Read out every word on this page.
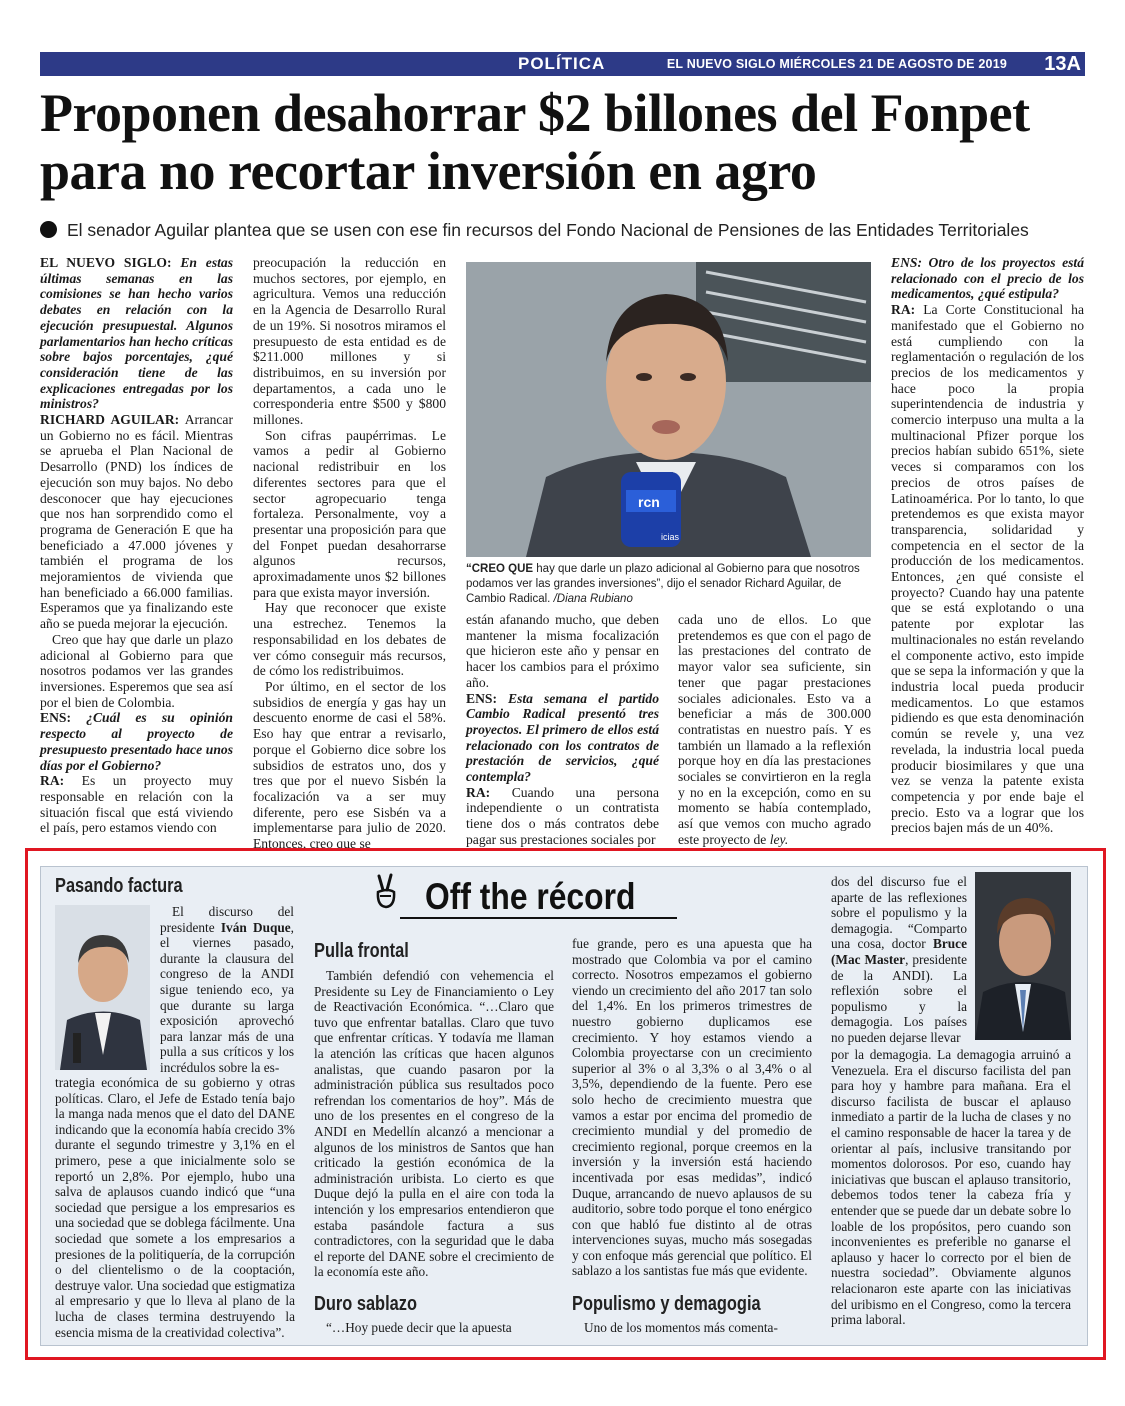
POLÍTICA	EL NUEVO SIGLO MIÉRCOLES 21 DE AGOSTO DE 2019 13A
Proponen desahorrar $2 billones del Fonpet para no recortar inversión en agro
El senador Aguilar plantea que se usen con ese fin recursos del Fondo Nacional de Pensiones de las Entidades Territoriales

EL NUEVO SIGLO: En estas últimas semanas en las comisiones se han hecho varios debates en relación con la ejecución presupuestal. Algunos parlamentarios han hecho críticas sobre bajos porcentajes, ¿qué consideración tiene de las explicaciones entregadas por los ministros?

RICHARD AGUILAR: Arrancar un Gobierno no es fácil. Mientras se aprueba el Plan Nacional de Desarrollo (PND) los índices de ejecución son muy bajos. No debo desconocer que hay ejecuciones que nos han sorprendido como el programa de Generación E que ha beneficiado a 47.000 jóvenes y también el programa de los mejoramientos de vivienda que han beneficiado a 66.000 familias. Esperamos que ya finalizando este año se pueda mejorar la ejecución.

Creo que hay que darle un plazo adicional al Gobierno para que nosotros podamos ver las grandes inversiones. Esperemos que sea así por el bien de Colombia.

ENS: ¿Cuál es su opinión respecto al proyecto de presupuesto presentado hace unos días por el Gobierno?

RA: Es un proyecto muy responsable en relación con la situación fiscal que está viviendo el país, pero estamos viendo con

preocupación la reducción en muchos sectores, por ejemplo, en agricultura. Vemos una reducción en la Agencia de Desarrollo Rural de un 19%. Si nosotros miramos el presupuesto de esta entidad es de $211.000 millones y si distribuimos, en su inversión por departamentos, a cada uno le corresponderia entre $500 y $800 millones.

Son cifras paupérrimas. Le vamos a pedir al Gobierno nacional redistribuir en los diferentes sectores para que el sector agropecuario tenga fortaleza. Personalmente, voy a presentar una proposición para que del Fonpet puedan desahorrarse algunos recursos, aproximadamente unos $2 billones para que exista mayor inversión.

Hay que reconocer que existe una estrechez. Tenemos la responsabilidad en los debates de ver cómo conseguir más recursos, de cómo los redistribuimos.

Por último, en el sector de los subsidios de energía y gas hay un descuento enorme de casi el 58%. Eso hay que entrar a revisarlo, porque el Gobierno dice sobre los subsidios de estratos uno, dos y tres que por el nuevo Sisbén la focalización va a ser muy diferente, pero ese Sisbén va a implementarse para julio de 2020. Entonces, creo que se

rcn
icias
“CREO QUE hay que darle un plazo adicional al Gobierno para que nosotros podamos ver las grandes inversiones”, dijo el senador Richard Aguilar, de Cambio Radical. /Diana Rubiano

están afanando mucho, que deben mantener la misma focalización que hicieron este año y pensar en hacer los cambios para el próximo año.

ENS: Esta semana el partido Cambio Radical presentó tres proyectos. El primero de ellos está relacionado con los contratos de prestación de servicios, ¿qué contempla?

RA: Cuando una persona independiente o un contratista tiene dos o más contratos debe pagar sus prestaciones sociales por

cada uno de ellos. Lo que pretendemos es que con el pago de las prestaciones del contrato de mayor valor sea suficiente, sin tener que pagar prestaciones sociales adicionales. Esto va a beneficiar a más de 300.000 contratistas en nuestro país. Y es también un llamado a la reflexión porque hoy en día las prestaciones sociales se convirtieron en la regla y no en la excepción, como en su momento se había contemplado, así que vemos con mucho agrado este proyecto de ley.

ENS: Otro de los proyectos está relacionado con el precio de los medicamentos, ¿qué estipula?

RA: La Corte Constitucional ha manifestado que el Gobierno no está cumpliendo con la reglamentación o regulación de los precios de los medicamentos y hace poco la propia superintendencia de industria y comercio interpuso una multa a la multinacional Pfizer porque los precios habían subido 651%, siete veces si comparamos con los precios de otros países de Latinoamérica. Por lo tanto, lo que pretendemos es que exista mayor transparencia, solidaridad y competencia en el sector de la producción de los medicamentos. Entonces, ¿en qué consiste el proyecto? Cuando hay una patente que se está explotando o una patente por explotar las multinacionales no están revelando el componente activo, esto impide que se sepa la información y que la industria local pueda producir medicamentos. Lo que estamos pidiendo es que esta denominación común se revele y, una vez revelada, la industria local pueda producir biosimilares y que una vez se venza la patente exista competencia y por ende baje el precio. Esto va a lograr que los precios bajen más de un 40%.

Off the récord
Pasando factura

El discurso del presidente Iván Duque, el viernes pasado, durante la clausura del congreso de la ANDI sigue teniendo eco, ya que durante su larga exposición aprovechó para lanzar más de una pulla a sus críticos y los incrédulos sobre la es-

trategia económica de su gobierno y otras políticas. Claro, el Jefe de Estado tenía bajo la manga nada menos que el dato del DANE indicando que la economía había crecido 3% durante el segundo trimestre y 3,1% en el primero, pese a que inicialmente solo se reportó un 2,8%. Por ejemplo, hubo una salva de aplausos cuando indicó que “una sociedad que persigue a los empresarios es una sociedad que se doblega fácilmente. Una sociedad que somete a los empresarios a presiones de la politiquería, de la corrupción o del clientelismo o de la cooptación, destruye valor. Una sociedad que estigmatiza al empresario y que lo lleva al plano de la lucha de clases termina destruyendo la esencia misma de la creatividad colectiva”.

Pulla frontal

También defendió con vehemencia el Presidente su Ley de Financiamiento o Ley de Reactivación Económica. “…Claro que tuvo que enfrentar batallas. Claro que tuvo que enfrentar críticas. Y todavía me llaman la atención las críticas que hacen algunos analistas, que cuando pasaron por la administración pública sus resultados poco refrendan los comentarios de hoy”. Más de uno de los presentes en el congreso de la ANDI en Medellín alcanzó a mencionar a algunos de los ministros de Santos que han criticado la gestión económica de la administración uribista. Lo cierto es que Duque dejó la pulla en el aire con toda la intención y los empresarios entendieron que estaba pasándole factura a sus contradictores, con la seguridad que le daba el reporte del DANE sobre el crecimiento de la economía este año.

Duro sablazo

“…Hoy puede decir que la apuesta

fue grande, pero es una apuesta que ha mostrado que Colombia va por el camino correcto. Nosotros empezamos el gobierno viendo un crecimiento del año 2017 tan solo del 1,4%. En los primeros trimestres de nuestro gobierno duplicamos ese crecimiento. Y hoy estamos viendo a Colombia proyectarse con un crecimiento superior al 3% o al 3,3% o al 3,4% o al 3,5%, dependiendo de la fuente. Pero ese solo hecho de crecimiento muestra que vamos a estar por encima del promedio de crecimiento mundial y del promedio de crecimiento regional, porque creemos en la inversión y la inversión está haciendo incentivada por esas medidas”, indicó Duque, arrancando de nuevo aplausos de su auditorio, sobre todo porque el tono enérgico con que habló fue distinto al de otras intervenciones suyas, mucho más sosegadas y con enfoque más gerencial que político. El sablazo a los santistas fue más que evidente.

Populismo y demagogia

Uno de los momentos más comenta-

dos del discurso fue el aparte de las reflexiones sobre el populismo y la demagogia. “Comparto una cosa, doctor Bruce (Mac Master, presidente de la ANDI). La reflexión sobre el populismo y la demagogia. Los países no pueden dejarse llevar

por la demagogia. La demagogia arruinó a Venezuela. Era el discurso facilista del pan para hoy y hambre para mañana. Era el discurso facilista de buscar el aplauso inmediato a partir de la lucha de clases y no el camino responsable de hacer la tarea y de orientar al país, inclusive transitando por momentos dolorosos. Por eso, cuando hay iniciativas que buscan el aplauso transitorio, debemos todos tener la cabeza fría y entender que se puede dar un debate sobre lo loable de los propósitos, pero cuando son inconvenientes es preferible no ganarse el aplauso y hacer lo correcto por el bien de nuestra sociedad”. Obviamente algunos relacionaron este aparte con las iniciativas del uribismo en el Congreso, como la tercera prima laboral.
